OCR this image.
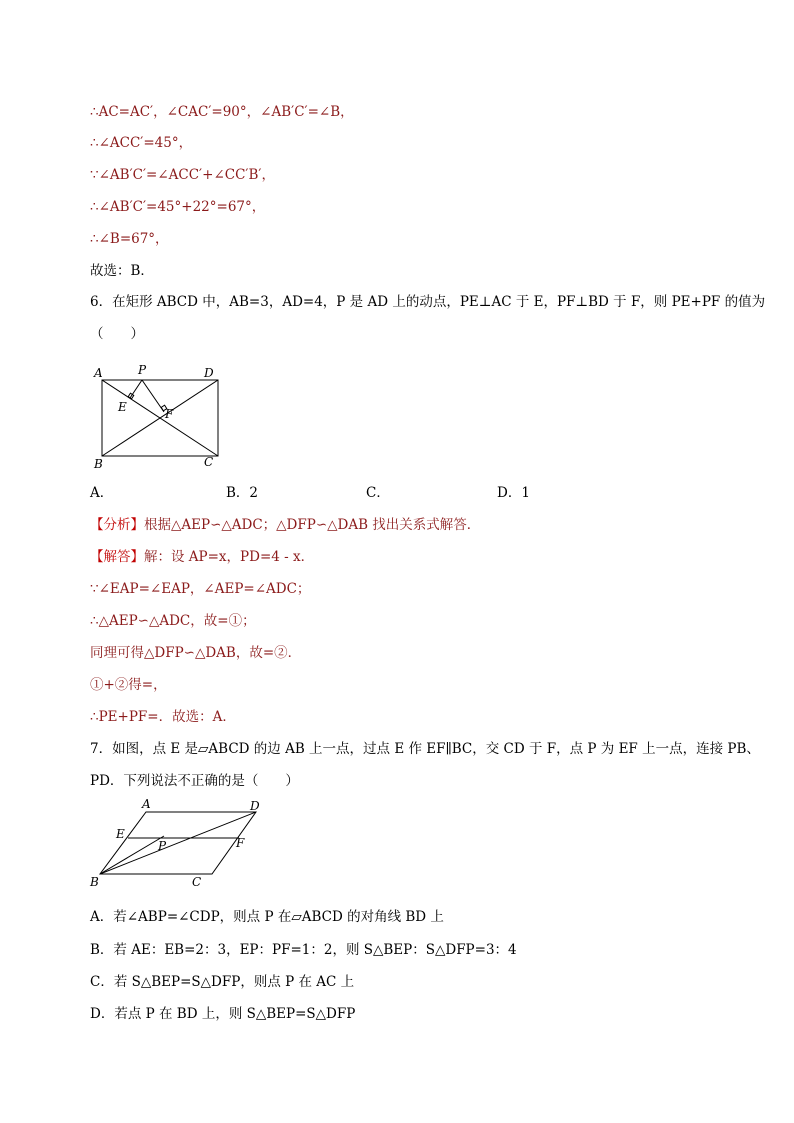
∴AC=AC′，∠CAC′=90°，∠AB′C′=∠B，
∴∠ACC′=45°，
∵∠AB′C′=∠ACC′+∠CC′B′，
∴∠AB′C′=45°+22°=67°，
∴∠B=67°，
故选：B．
6．在矩形 ABCD 中，AB=3，AD=4，P 是 AD 上的动点，PE⊥AC 于 E，PF⊥BD 于 F，则 PE+PF 的值为
（　　）
A	P	D
E	F
B	C
A．	B．2	C．	D．1
【分析】根据△AEP∽△ADC；△DFP∽△DAB 找出关系式解答．
【解答】解：设 AP=x，PD=4 - x．
∵∠EAP=∠EAP，∠AEP=∠ADC；
∴△AEP∽△ADC，故=①；
同理可得△DFP∽△DAB，故=②．
①+②得=，
∴PE+PF=．故选：A．
7．如图，点 E 是▱ABCD 的边 AB 上一点，过点 E 作 EF∥BC，交 CD 于 F，点 P 为 EF 上一点，连接 PB、
PD．下列说法不正确的是（　　）
A	D
E
P	F
B	C
A．若∠ABP=∠CDP，则点 P 在▱ABCD 的对角线 BD 上
B．若 AE：EB=2：3，EP：PF=1：2，则 S△BEP：S△DFP=3：4
C．若 S△BEP=S△DFP，则点 P 在 AC 上
D．若点 P 在 BD 上，则 S△BEP=S△DFP
